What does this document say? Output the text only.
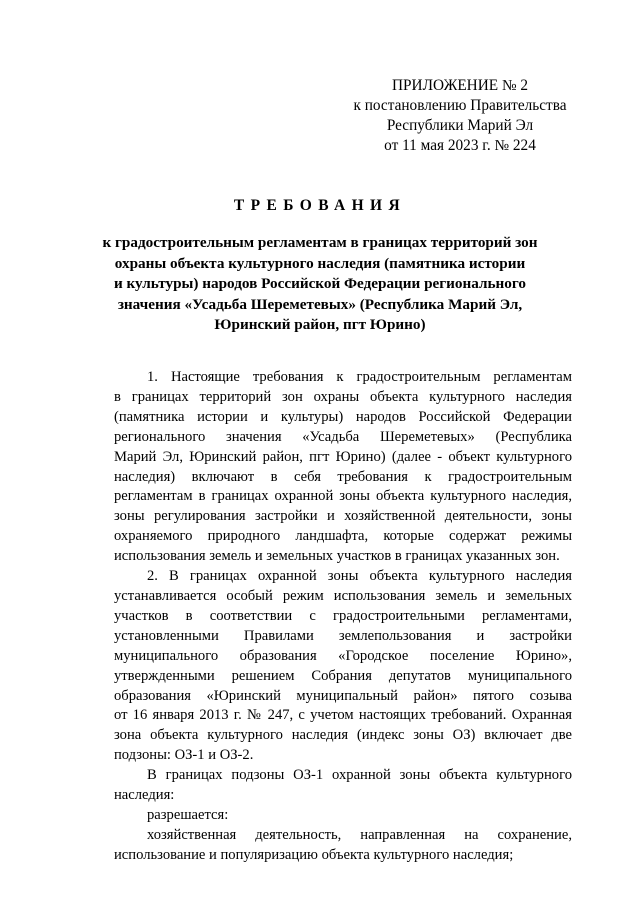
ПРИЛОЖЕНИЕ № 2
к постановлению Правительства
Республики Марий Эл
от 11 мая 2023 г. № 224
ТРЕБОВАНИЯ
к градостроительным регламентам в границах территорий зон
охраны объекта культурного наследия (памятника истории
и культуры) народов Российской Федерации регионального
значения «Усадьба Шереметевых» (Республика Марий Эл,
Юринский район, пгт Юрино)
1. Настоящие требования к градостроительным регламентам
в границах территорий зон охраны объекта культурного наследия
(памятника истории и культуры) народов Российской Федерации
регионального значения «Усадьба Шереметевых» (Республика
Марий Эл, Юринский район, пгт Юрино) (далее - объект культурного
наследия) включают в себя требования к градостроительным
регламентам в границах охранной зоны объекта культурного наследия,
зоны регулирования застройки и хозяйственной деятельности, зоны
охраняемого природного ландшафта, которые содержат режимы
использования земель и земельных участков в границах указанных зон.
2. В границах охранной зоны объекта культурного наследия
устанавливается особый режим использования земель и земельных
участков в соответствии с градостроительными регламентами,
установленными Правилами землепользования и застройки
муниципального образования «Городское поселение Юрино»,
утвержденными решением Собрания депутатов муниципального
образования «Юринский муниципальный район» пятого созыва
от 16 января 2013 г. № 247, с учетом настоящих требований. Охранная
зона объекта культурного наследия (индекс зоны ОЗ) включает две
подзоны: ОЗ-1 и ОЗ-2.
В границах подзоны ОЗ-1 охранной зоны объекта культурного
наследия:
разрешается:
хозяйственная деятельность, направленная на сохранение,
использование и популяризацию объекта культурного наследия;
